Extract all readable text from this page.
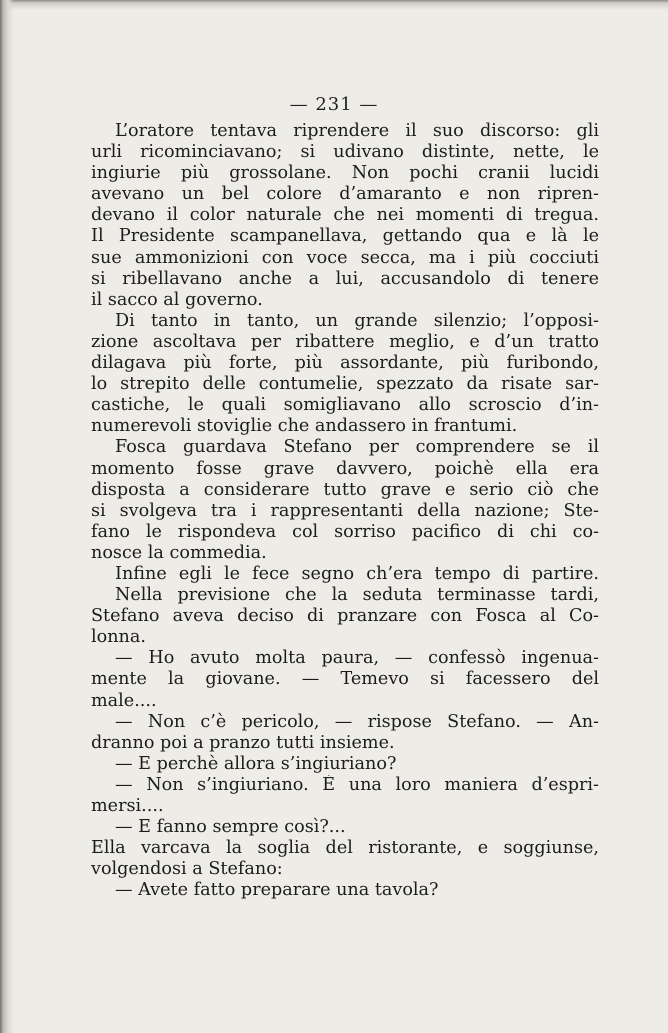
— 231 —
L’oratore tentava riprendere il suo discorso: gli
urli ricominciavano; si udivano distinte, nette, le
ingiurie più grossolane. Non pochi cranii lucidi
avevano un bel colore d’amaranto e non ripren-
devano il color naturale che nei momenti di tregua.
Il Presidente scampanellava, gettando qua e là le
sue ammonizioni con voce secca, ma i più cocciuti
si ribellavano anche a lui, accusandolo di tenere
il sacco al governo.
Di tanto in tanto, un grande silenzio; l’opposi-
zione ascoltava per ribattere meglio, e d’un tratto
dilagava più forte, più assordante, più furibondo,
lo strepito delle contumelie, spezzato da risate sar-
castiche, le quali somigliavano allo scroscio d’in-
numerevoli stoviglie che andassero in frantumi.
Fosca guardava Stefano per comprendere se il
momento fosse grave davvero, poichè ella era
disposta a considerare tutto grave e serio ciò che
si svolgeva tra i rappresentanti della nazione; Ste-
fano le rispondeva col sorriso pacifico di chi co-
nosce la commedia.
Infine egli le fece segno ch’era tempo di partire.
Nella previsione che la seduta terminasse tardi,
Stefano aveva deciso di pranzare con Fosca al Co-
lonna.
— Ho avuto molta paura, — confessò ingenua-
mente la giovane. — Temevo si facessero del
male....
— Non c’è pericolo, — rispose Stefano. — An-
dranno poi a pranzo tutti insieme.
— E perchè allora s’ingiuriano?
— Non s’ingiuriano. È una loro maniera d’espri-
mersi....
— E fanno sempre così?...
Ella varcava la soglia del ristorante, e soggiunse,
volgendosi a Stefano:
— Avete fatto preparare una tavola?
